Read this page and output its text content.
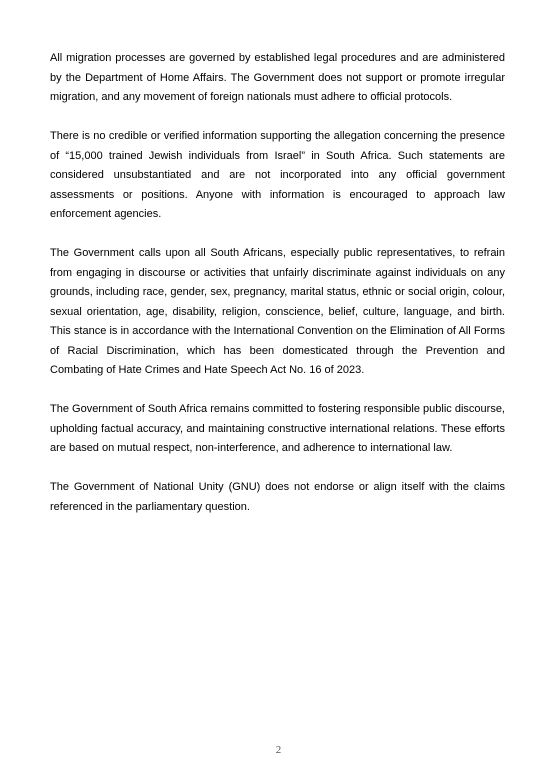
All migration processes are governed by established legal procedures and are administered by the Department of Home Affairs. The Government does not support or promote irregular migration, and any movement of foreign nationals must adhere to official protocols.

There is no credible or verified information supporting the allegation concerning the presence of “15,000 trained Jewish individuals from Israel” in South Africa. Such statements are considered unsubstantiated and are not incorporated into any official government assessments or positions. Anyone with information is encouraged to approach law enforcement agencies.

The Government calls upon all South Africans, especially public representatives, to refrain from engaging in discourse or activities that unfairly discriminate against individuals on any grounds, including race, gender, sex, pregnancy, marital status, ethnic or social origin, colour, sexual orientation, age, disability, religion, conscience, belief, culture, language, and birth. This stance is in accordance with the International Convention on the Elimination of All Forms of Racial Discrimination, which has been domesticated through the Prevention and Combating of Hate Crimes and Hate Speech Act No. 16 of 2023.

The Government of South Africa remains committed to fostering responsible public discourse, upholding factual accuracy, and maintaining constructive international relations. These efforts are based on mutual respect, non-interference, and adherence to international law.

The Government of National Unity (GNU) does not endorse or align itself with the claims referenced in the parliamentary question.

2
